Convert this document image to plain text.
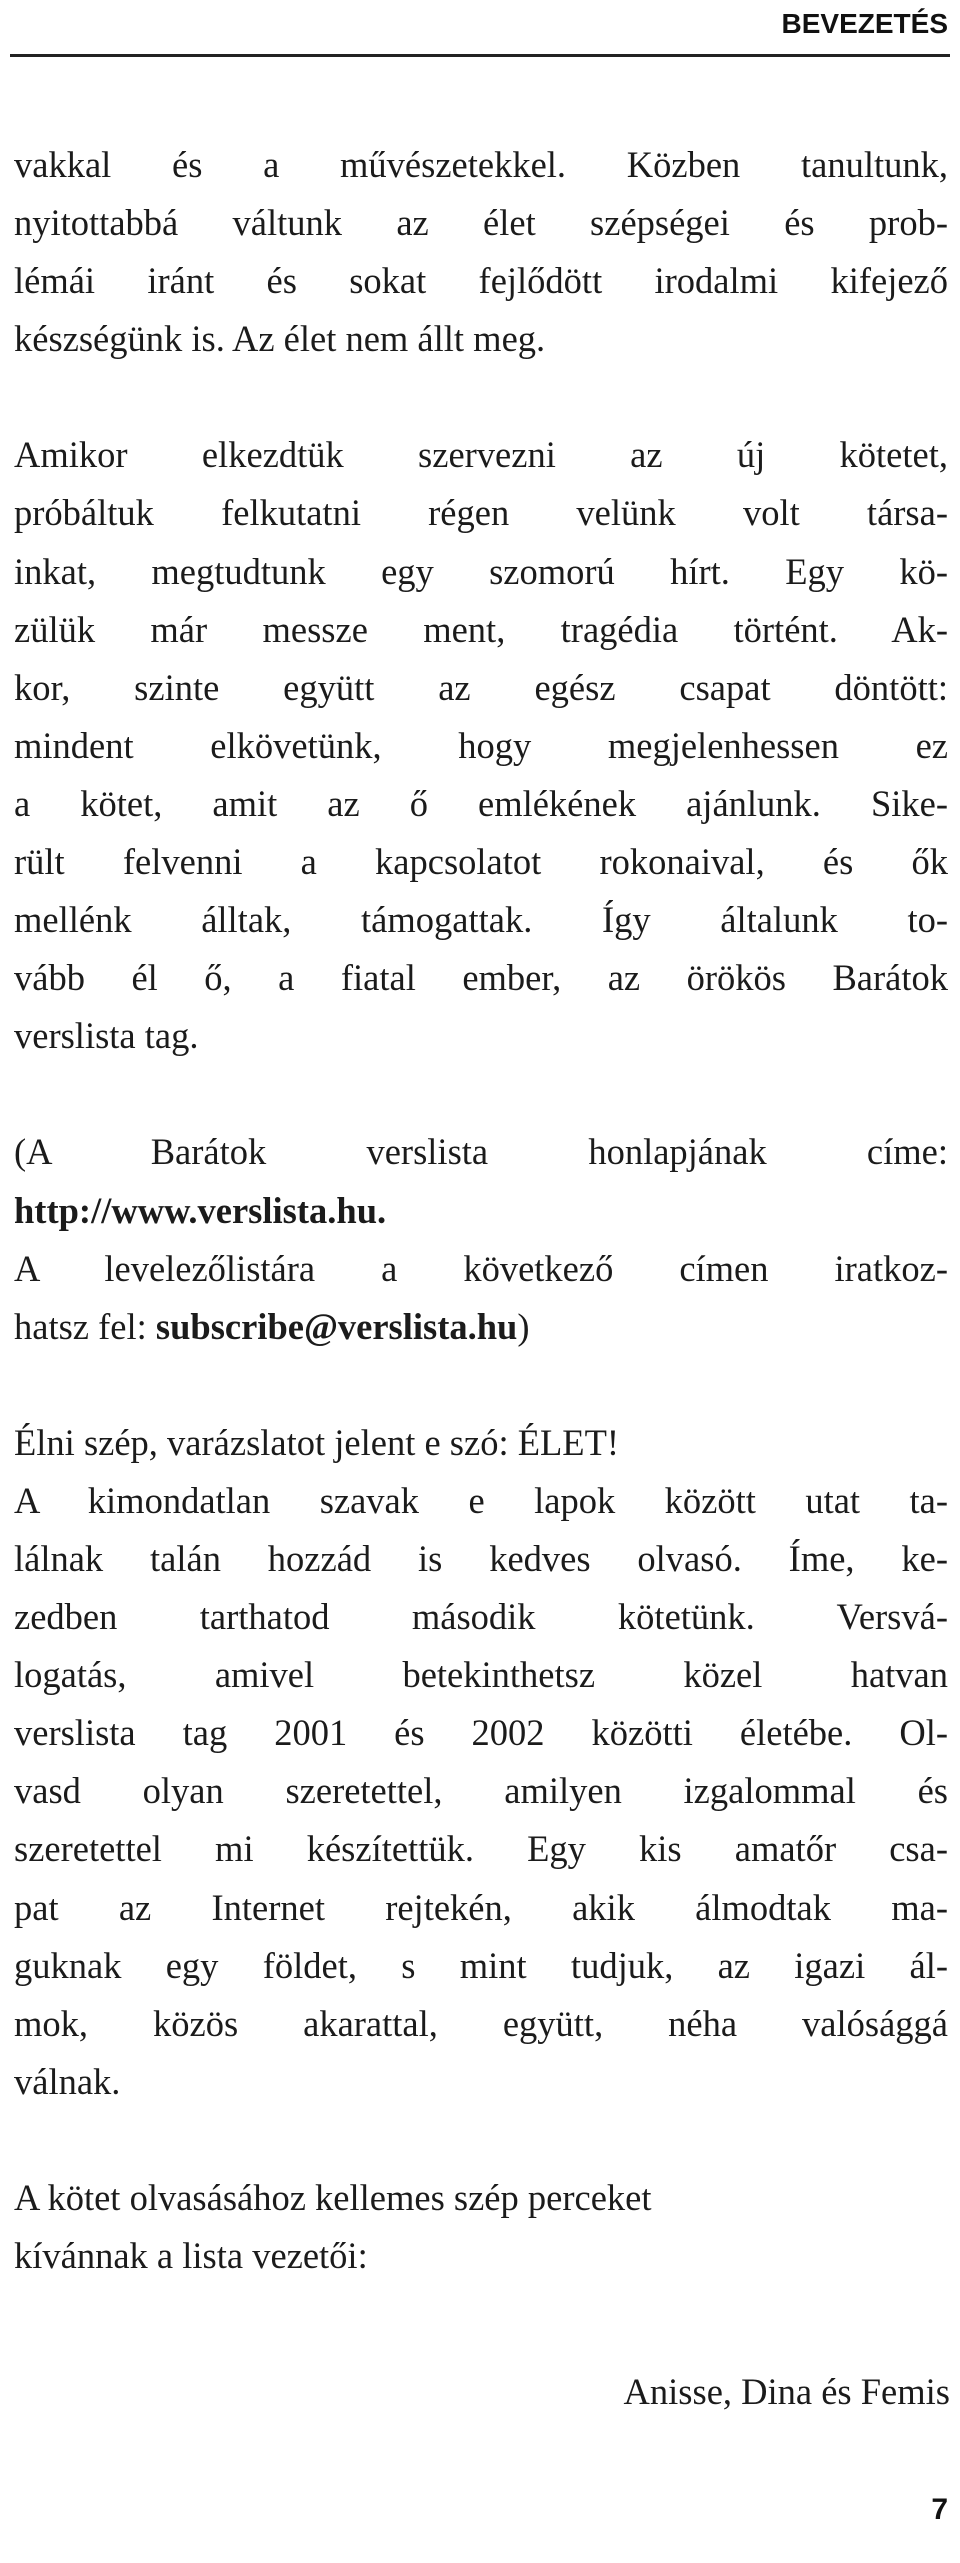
BEVEZETÉS

vakkal és a művészetekkel. Közben tanultunk,
nyitottabbá váltunk az élet szépségei és prob-
lémái iránt és sokat fejlődött irodalmi kifejező
készségünk is. Az élet nem állt meg.

Amikor elkezdtük szervezni az új kötetet,
próbáltuk felkutatni régen velünk volt társa-
inkat, megtudtunk egy szomorú hírt. Egy kö-
zülük már messze ment, tragédia történt. Ak-
kor, szinte együtt az egész csapat döntött:
mindent elkövetünk, hogy megjelenhessen ez
a kötet, amit az ő emlékének ajánlunk. Sike-
rült felvenni a kapcsolatot rokonaival, és ők
mellénk álltak, támogattak. Így általunk to-
vább él ő, a fiatal ember, az örökös Barátok
verslista tag.

(A Barátok verslista honlapjának címe:
http://www.verslista.hu.
A levelezőlistára a következő címen iratkoz-
hatsz fel: subscribe@verslista.hu)

Élni szép, varázslatot jelent e szó: ÉLET!
A kimondatlan szavak e lapok között utat ta-
lálnak talán hozzád is kedves olvasó. Íme, ke-
zedben tarthatod második kötetünk. Versvá-
logatás, amivel betekinthetsz közel hatvan
verslista tag 2001 és 2002 közötti életébe. Ol-
vasd olyan szeretettel, amilyen izgalommal és
szeretettel mi készítettük. Egy kis amatőr csa-
pat az Internet rejtekén, akik álmodtak ma-
guknak egy földet, s mint tudjuk, az igazi ál-
mok, közös akarattal, együtt, néha valósággá
válnak.

A kötet olvasásához kellemes szép perceket
kívánnak a lista vezetői:

Anisse, Dina és Femis
7
